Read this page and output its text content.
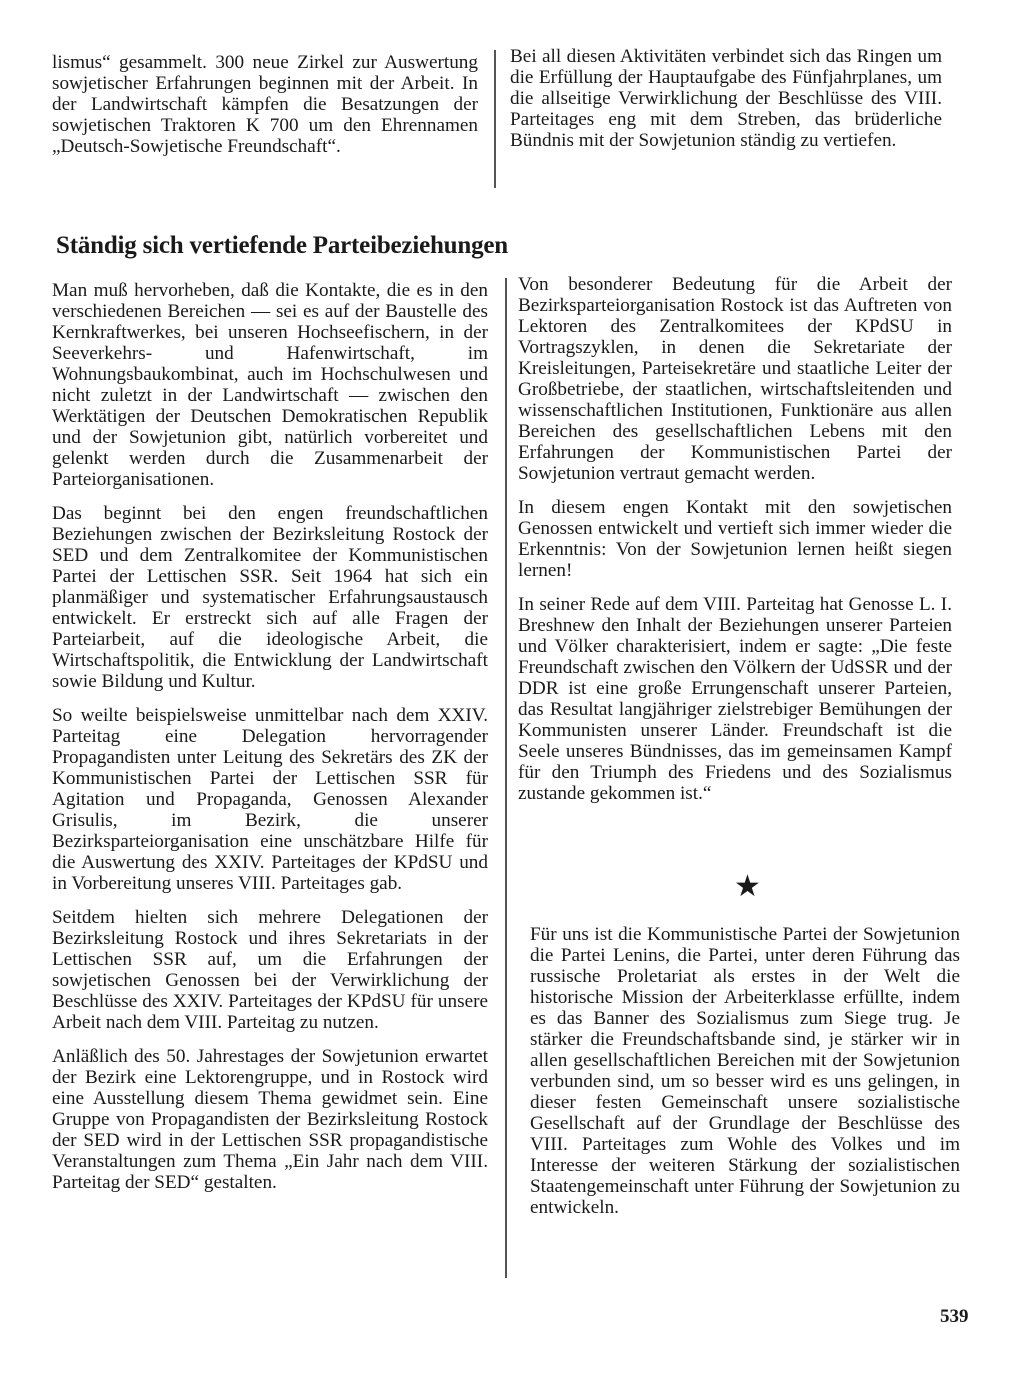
lismus“ gesammelt. 300 neue Zirkel zur Auswertung sowjetischer Erfahrungen beginnen mit der Arbeit. In der Landwirtschaft kämpfen die Besatzungen der sowjetischen Traktoren K 700 um den Ehrennamen „Deutsch-Sowjetische Freundschaft“.

Bei all diesen Aktivitäten verbindet sich das Ringen um die Erfüllung der Hauptaufgabe des Fünfjahrplanes, um die allseitige Verwirklichung der Beschlüsse des VIII. Parteitages eng mit dem Streben, das brüderliche Bündnis mit der Sowjetunion ständig zu vertiefen.

Ständig sich vertiefende Parteibeziehungen

Man muß hervorheben, daß die Kontakte, die es in den verschiedenen Bereichen — sei es auf der Baustelle des Kernkraftwerkes, bei unseren Hochseefischern, in der Seeverkehrs- und Hafenwirtschaft, im Wohnungsbaukombinat, auch im Hochschulwesen und nicht zuletzt in der Landwirtschaft — zwischen den Werktätigen der Deutschen Demokratischen Republik und der Sowjetunion gibt, natürlich vorbereitet und gelenkt werden durch die Zusammenarbeit der Parteiorganisationen.

Das beginnt bei den engen freundschaftlichen Beziehungen zwischen der Bezirksleitung Rostock der SED und dem Zentralkomitee der Kommunistischen Partei der Lettischen SSR. Seit 1964 hat sich ein planmäßiger und systematischer Erfahrungsaustausch entwickelt. Er erstreckt sich auf alle Fragen der Parteiarbeit, auf die ideologische Arbeit, die Wirtschaftspolitik, die Entwicklung der Landwirtschaft sowie Bildung und Kultur.

So weilte beispielsweise unmittelbar nach dem XXIV. Parteitag eine Delegation hervorragender Propagandisten unter Leitung des Sekretärs des ZK der Kommunistischen Partei der Lettischen SSR für Agitation und Propaganda, Genossen Alexander Grisulis, im Bezirk, die unserer Bezirksparteiorganisation eine unschätzbare Hilfe für die Auswertung des XXIV. Parteitages der KPdSU und in Vorbereitung unseres VIII. Parteitages gab.

Seitdem hielten sich mehrere Delegationen der Bezirksleitung Rostock und ihres Sekretariats in der Lettischen SSR auf, um die Erfahrungen der sowjetischen Genossen bei der Verwirklichung der Beschlüsse des XXIV. Parteitages der KPdSU für unsere Arbeit nach dem VIII. Parteitag zu nutzen.

Anläßlich des 50. Jahrestages der Sowjetunion erwartet der Bezirk eine Lektorengruppe, und in Rostock wird eine Ausstellung diesem Thema gewidmet sein. Eine Gruppe von Propagandisten der Bezirksleitung Rostock der SED wird in der Lettischen SSR propagandistische Veranstaltungen zum Thema „Ein Jahr nach dem VIII. Parteitag der SED“ gestalten.

Von besonderer Bedeutung für die Arbeit der Bezirksparteiorganisation Rostock ist das Auftreten von Lektoren des Zentralkomitees der KPdSU in Vortragszyklen, in denen die Sekretariate der Kreisleitungen, Parteisekretäre und staatliche Leiter der Großbetriebe, der staatlichen, wirtschaftsleitenden und wissenschaftlichen Institutionen, Funktionäre aus allen Bereichen des gesellschaftlichen Lebens mit den Erfahrungen der Kommunistischen Partei der Sowjetunion vertraut gemacht werden.

In diesem engen Kontakt mit den sowjetischen Genossen entwickelt und vertieft sich immer wieder die Erkenntnis: Von der Sowjetunion lernen heißt siegen lernen!

In seiner Rede auf dem VIII. Parteitag hat Genosse L. I. Breshnew den Inhalt der Beziehungen unserer Parteien und Völker charakterisiert, indem er sagte: „Die feste Freundschaft zwischen den Völkern der UdSSR und der DDR ist eine große Errungenschaft unserer Parteien, das Resultat langjähriger zielstrebiger Bemühungen der Kommunisten unserer Länder. Freundschaft ist die Seele unseres Bündnisses, das im gemeinsamen Kampf für den Triumph des Friedens und des Sozialismus zustande gekommen ist.“

★

Für uns ist die Kommunistische Partei der Sowjetunion die Partei Lenins, die Partei, unter deren Führung das russische Proletariat als erstes in der Welt die historische Mission der Arbeiterklasse erfüllte, indem es das Banner des Sozialismus zum Siege trug. Je stärker die Freundschaftsbande sind, je stärker wir in allen gesellschaftlichen Bereichen mit der Sowjetunion verbunden sind, um so besser wird es uns gelingen, in dieser festen Gemeinschaft unsere sozialistische Gesellschaft auf der Grundlage der Beschlüsse des VIII. Parteitages zum Wohle des Volkes und im Interesse der weiteren Stärkung der sozialistischen Staatengemeinschaft unter Führung der Sowjetunion zu entwickeln.

539
